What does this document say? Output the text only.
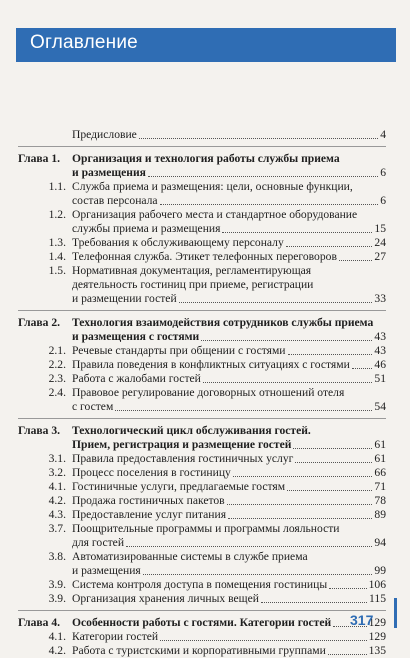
Оглавление
Предисловие	4
Глава 1.	Организация и технология работы службы приема
и размещения	6
1.1. Служба приема и размещения: цели, основные функции,
состав персонала	6
1.2. Организация рабочего места и стандартное оборудование
службы приема и размещения	15
1.3. Требования к обслуживающему персоналу	24
1.4. Телефонная служба. Этикет телефонных переговоров	27
1.5. Нормативная документация, регламентирующая
деятельность гостиниц при приеме, регистрации
и размещении гостей	33
Глава 2.	Технология взаимодействия сотрудников службы приема
и размещения с гостями	43
2.1. Речевые стандарты при общении с гостями	43
2.2. Правила поведения в конфликтных ситуациях с гостями 46
2.3. Работа с жалобами гостей	51
2.4. Правовое регулирование договорных отношений отеля
с гостем	54
Глава 3.	Технологический цикл обслуживания гостей.
Прием, регистрация и размещение гостей	61
3.1. Правила предоставления гостиничных услуг	61
3.2. Процесс поселения в гостиницу	66
4.1. Гостиничные услуги, предлагаемые гостям	71
4.2. Продажа гостиничных пакетов	78
4.3. Предоставление услуг питания	89
3.7. Поощрительные программы и программы лояльности
для гостей	94
3.8. Автоматизированные системы в службе приема
и размещения	99
3.9. Система контроля доступа в помещения гостиницы	106
3.9. Организация хранения личных вещей	115
Глава 4.	Особенности работы с гостями. Категории гостей	129
4.1. Категории гостей	129
4.2. Работа с туристскими и корпоративными группами	135
317
